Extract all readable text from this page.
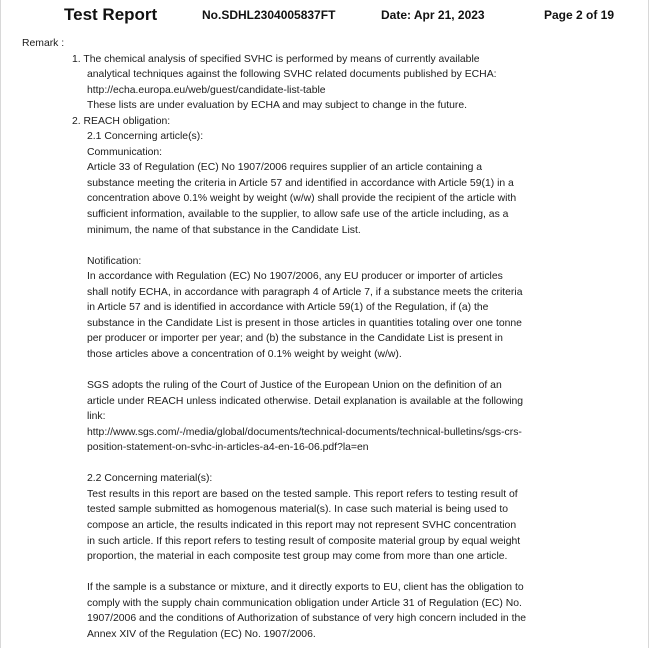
Test Report	No.SDHL2304005837FT	Date: Apr 21, 2023	Page 2 of 19
Remark :
1. The chemical analysis of specified SVHC is performed by means of currently available
analytical techniques against the following SVHC related documents published by ECHA:
http://echa.europa.eu/web/guest/candidate-list-table
These lists are under evaluation by ECHA and may subject to change in the future.
2. REACH obligation:
2.1 Concerning article(s):
Communication:
Article 33 of Regulation (EC) No 1907/2006 requires supplier of an article containing a
substance meeting the criteria in Article 57 and identified in accordance with Article 59(1) in a
concentration above 0.1% weight by weight (w/w) shall provide the recipient of the article with
sufficient information, available to the supplier, to allow safe use of the article including, as a
minimum, the name of that substance in the Candidate List.
Notification:
In accordance with Regulation (EC) No 1907/2006, any EU producer or importer of articles
shall notify ECHA, in accordance with paragraph 4 of Article 7, if a substance meets the criteria
in Article 57 and is identified in accordance with Article 59(1) of the Regulation, if (a) the
substance in the Candidate List is present in those articles in quantities totaling over one tonne
per producer or importer per year; and (b) the substance in the Candidate List is present in
those articles above a concentration of 0.1% weight by weight (w/w).
SGS adopts the ruling of the Court of Justice of the European Union on the definition of an
article under REACH unless indicated otherwise. Detail explanation is available at the following
link:
http://www.sgs.com/-/media/global/documents/technical-documents/technical-bulletins/sgs-crs-
position-statement-on-svhc-in-articles-a4-en-16-06.pdf?la=en
2.2 Concerning material(s):
Test results in this report are based on the tested sample. This report refers to testing result of
tested sample submitted as homogenous material(s). In case such material is being used to
compose an article, the results indicated in this report may not represent SVHC concentration
in such article. If this report refers to testing result of composite material group by equal weight
proportion, the material in each composite test group may come from more than one article.
If the sample is a substance or mixture, and it directly exports to EU, client has the obligation to
comply with the supply chain communication obligation under Article 31 of Regulation (EC) No.
1907/2006 and the conditions of Authorization of substance of very high concern included in the
Annex XIV of the Regulation (EC) No. 1907/2006.
